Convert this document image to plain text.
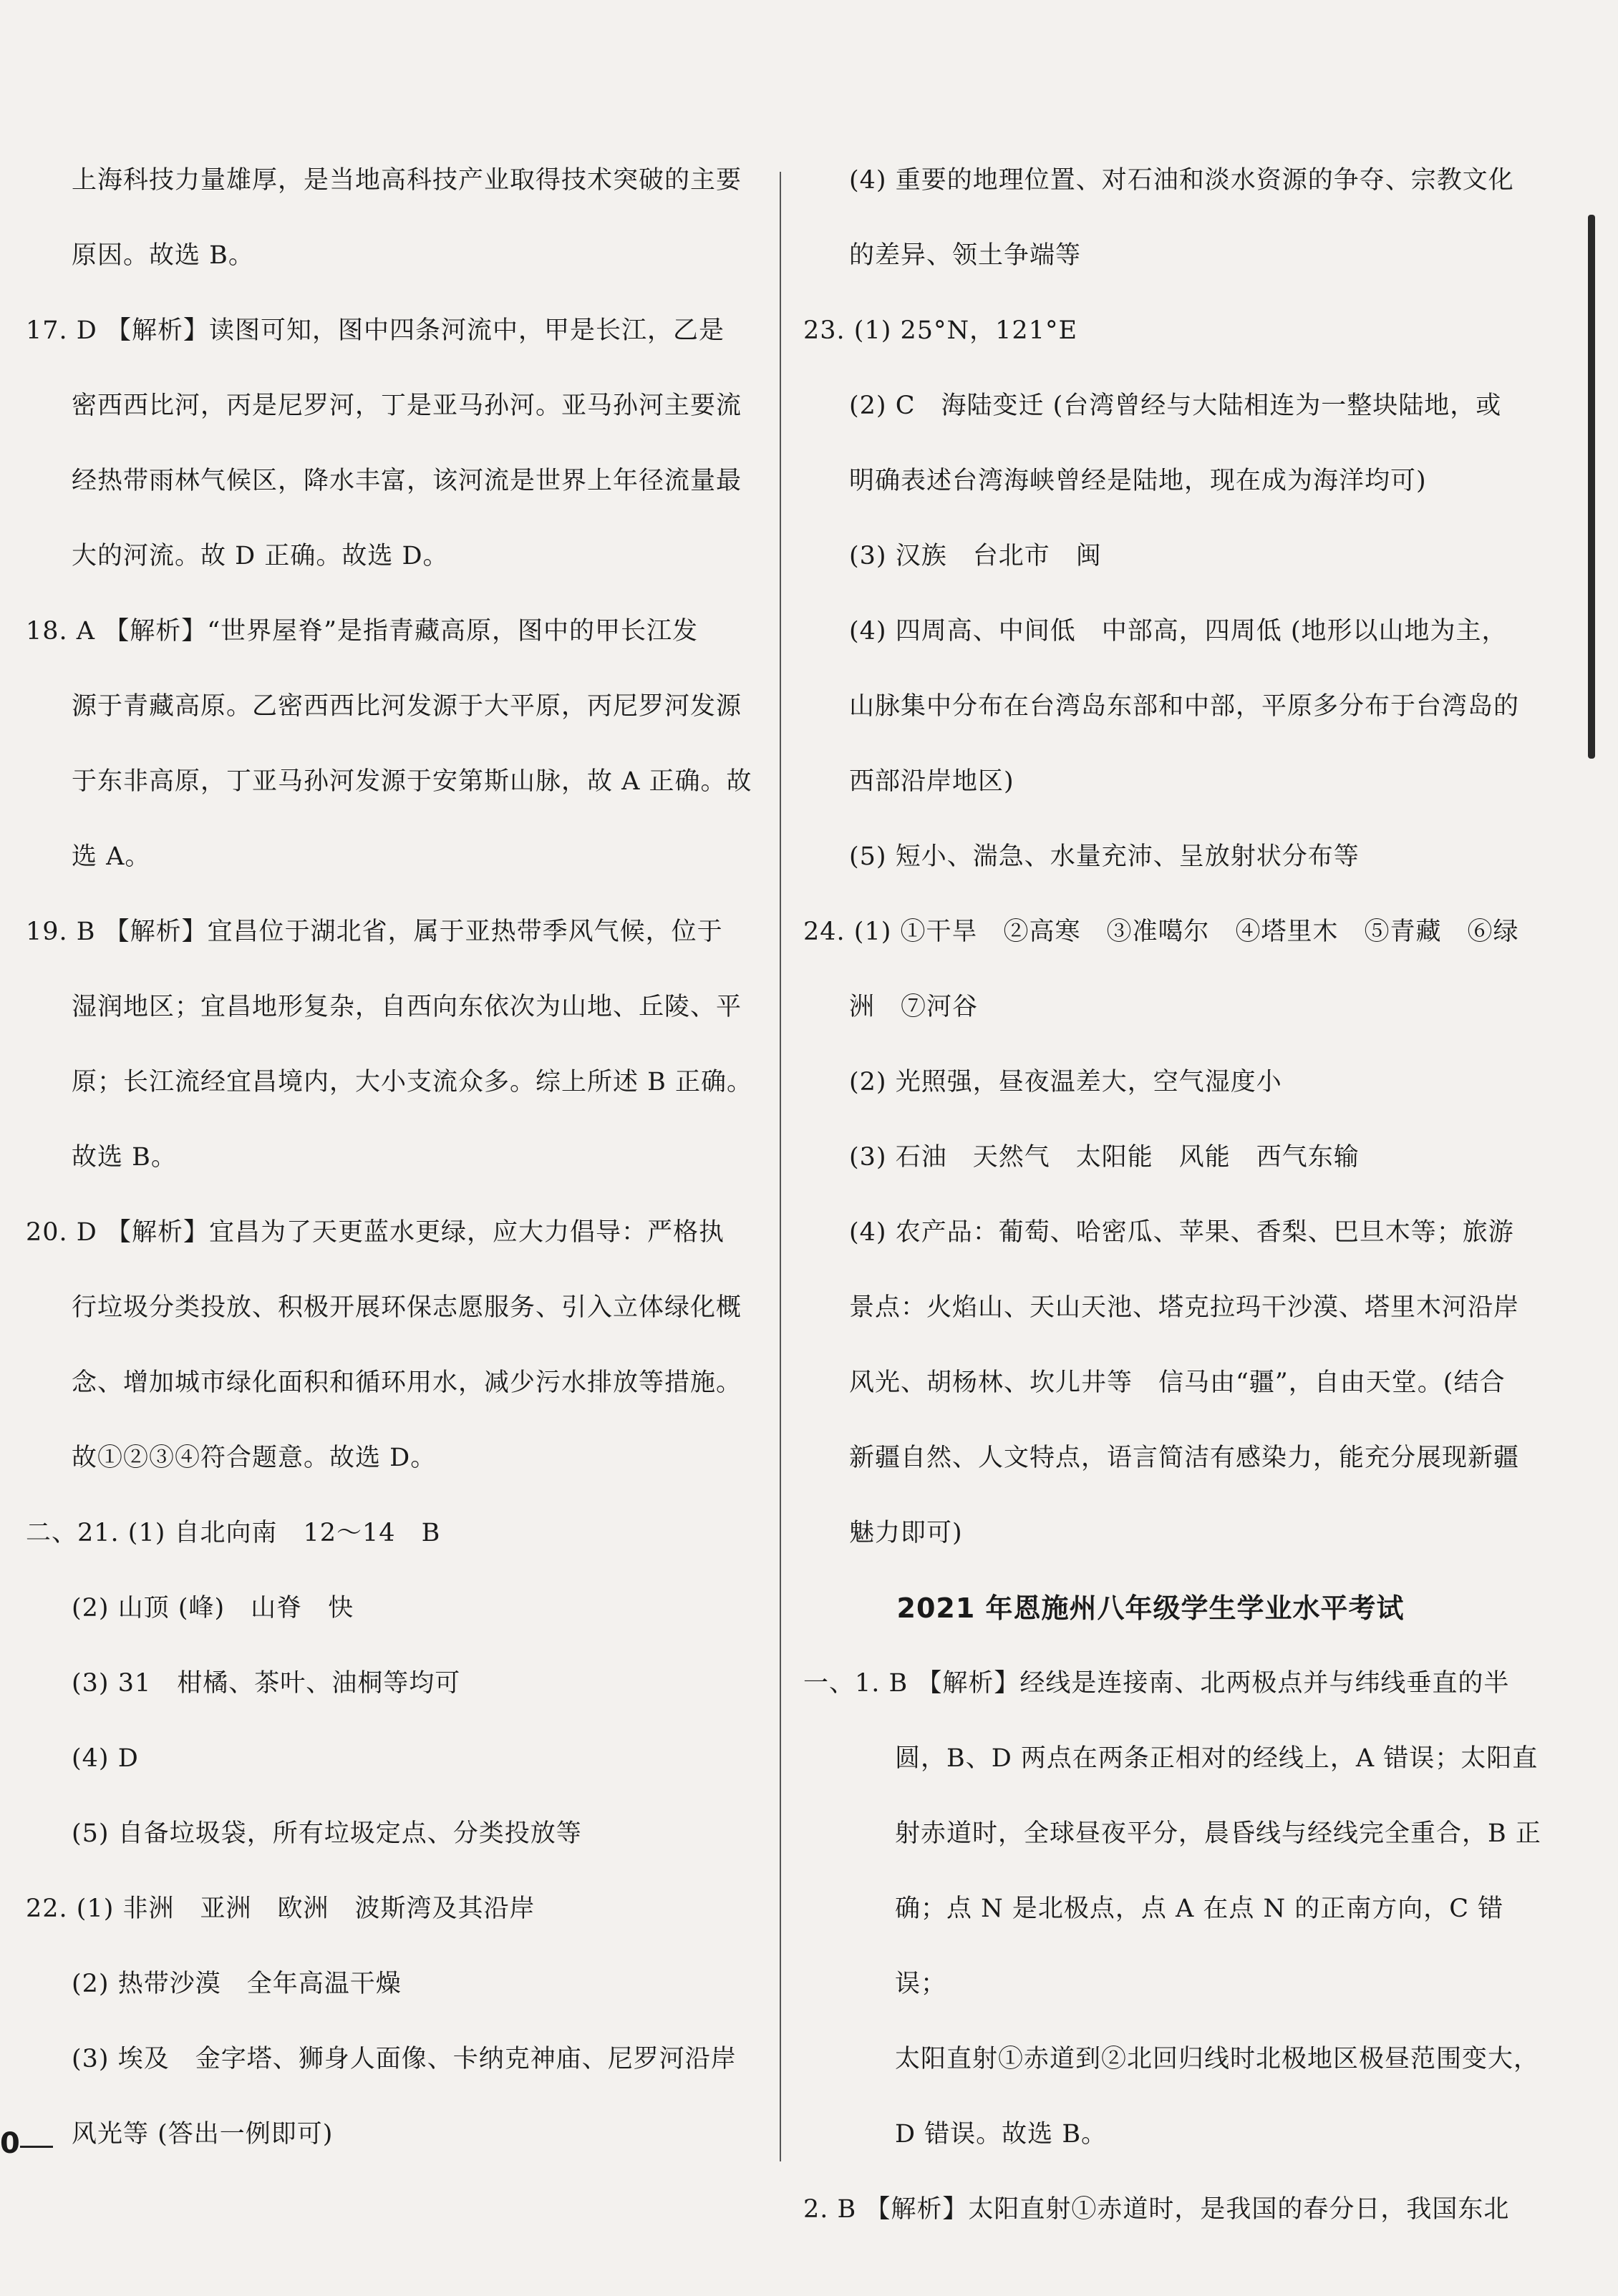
上海科技力量雄厚，是当地高科技产业取得技术突破的主要

原因。故选 B。

17. D 【解析】读图可知，图中四条河流中，甲是长江，乙是

密西西比河，丙是尼罗河，丁是亚马孙河。亚马孙河主要流

经热带雨林气候区，降水丰富，该河流是世界上年径流量最

大的河流。故 D 正确。故选 D。

18. A 【解析】“世界屋脊”是指青藏高原，图中的甲长江发

源于青藏高原。乙密西西比河发源于大平原，丙尼罗河发源

于东非高原，丁亚马孙河发源于安第斯山脉，故 A 正确。故

选 A。

19. B 【解析】宜昌位于湖北省，属于亚热带季风气候，位于

湿润地区；宜昌地形复杂，自西向东依次为山地、丘陵、平

原；长江流经宜昌境内，大小支流众多。综上所述 B 正确。

故选 B。

20. D 【解析】宜昌为了天更蓝水更绿，应大力倡导：严格执

行垃圾分类投放、积极开展环保志愿服务、引入立体绿化概

念、增加城市绿化面积和循环用水，减少污水排放等措施。

故①②③④符合题意。故选 D。

二、21. (1) 自北向南　12～14　B

(2) 山顶 (峰)　山脊　快

(3) 31　柑橘、茶叶、油桐等均可

(4) D

(5) 自备垃圾袋，所有垃圾定点、分类投放等

22. (1) 非洲　亚洲　欧洲　波斯湾及其沿岸

(2) 热带沙漠　全年高温干燥

(3) 埃及　金字塔、狮身人面像、卡纳克神庙、尼罗河沿岸

风光等 (答出一例即可)

(4) 重要的地理位置、对石油和淡水资源的争夺、宗教文化

的差异、领土争端等

23. (1) 25°N，121°E

(2) C　海陆变迁 (台湾曾经与大陆相连为一整块陆地，或

明确表述台湾海峡曾经是陆地，现在成为海洋均可)

(3) 汉族　台北市　闽

(4) 四周高、中间低　中部高，四周低 (地形以山地为主，

山脉集中分布在台湾岛东部和中部，平原多分布于台湾岛的

西部沿岸地区)

(5) 短小、湍急、水量充沛、呈放射状分布等

24. (1) ①干旱　②高寒　③准噶尔　④塔里木　⑤青藏　⑥绿

洲　⑦河谷

(2) 光照强，昼夜温差大，空气湿度小

(3) 石油　天然气　太阳能　风能　西气东输

(4) 农产品：葡萄、哈密瓜、苹果、香梨、巴旦木等；旅游

景点：火焰山、天山天池、塔克拉玛干沙漠、塔里木河沿岸

风光、胡杨林、坎儿井等　信马由“疆”，自由天堂。(结合

新疆自然、人文特点，语言简洁有感染力，能充分展现新疆

魅力即可)

2021 年恩施州八年级学生学业水平考试

一、1. B 【解析】经线是连接南、北两极点并与纬线垂直的半

圆，B、D 两点在两条正相对的经线上，A 错误；太阳直

射赤道时，全球昼夜平分，晨昏线与经线完全重合，B 正

确；点 N 是北极点，点 A 在点 N 的正南方向，C 错误；

太阳直射①赤道到②北回归线时北极地区极昼范围变大，

D 错误。故选 B。

2. B 【解析】太阳直射①赤道时，是我国的春分日，我国东北

0
